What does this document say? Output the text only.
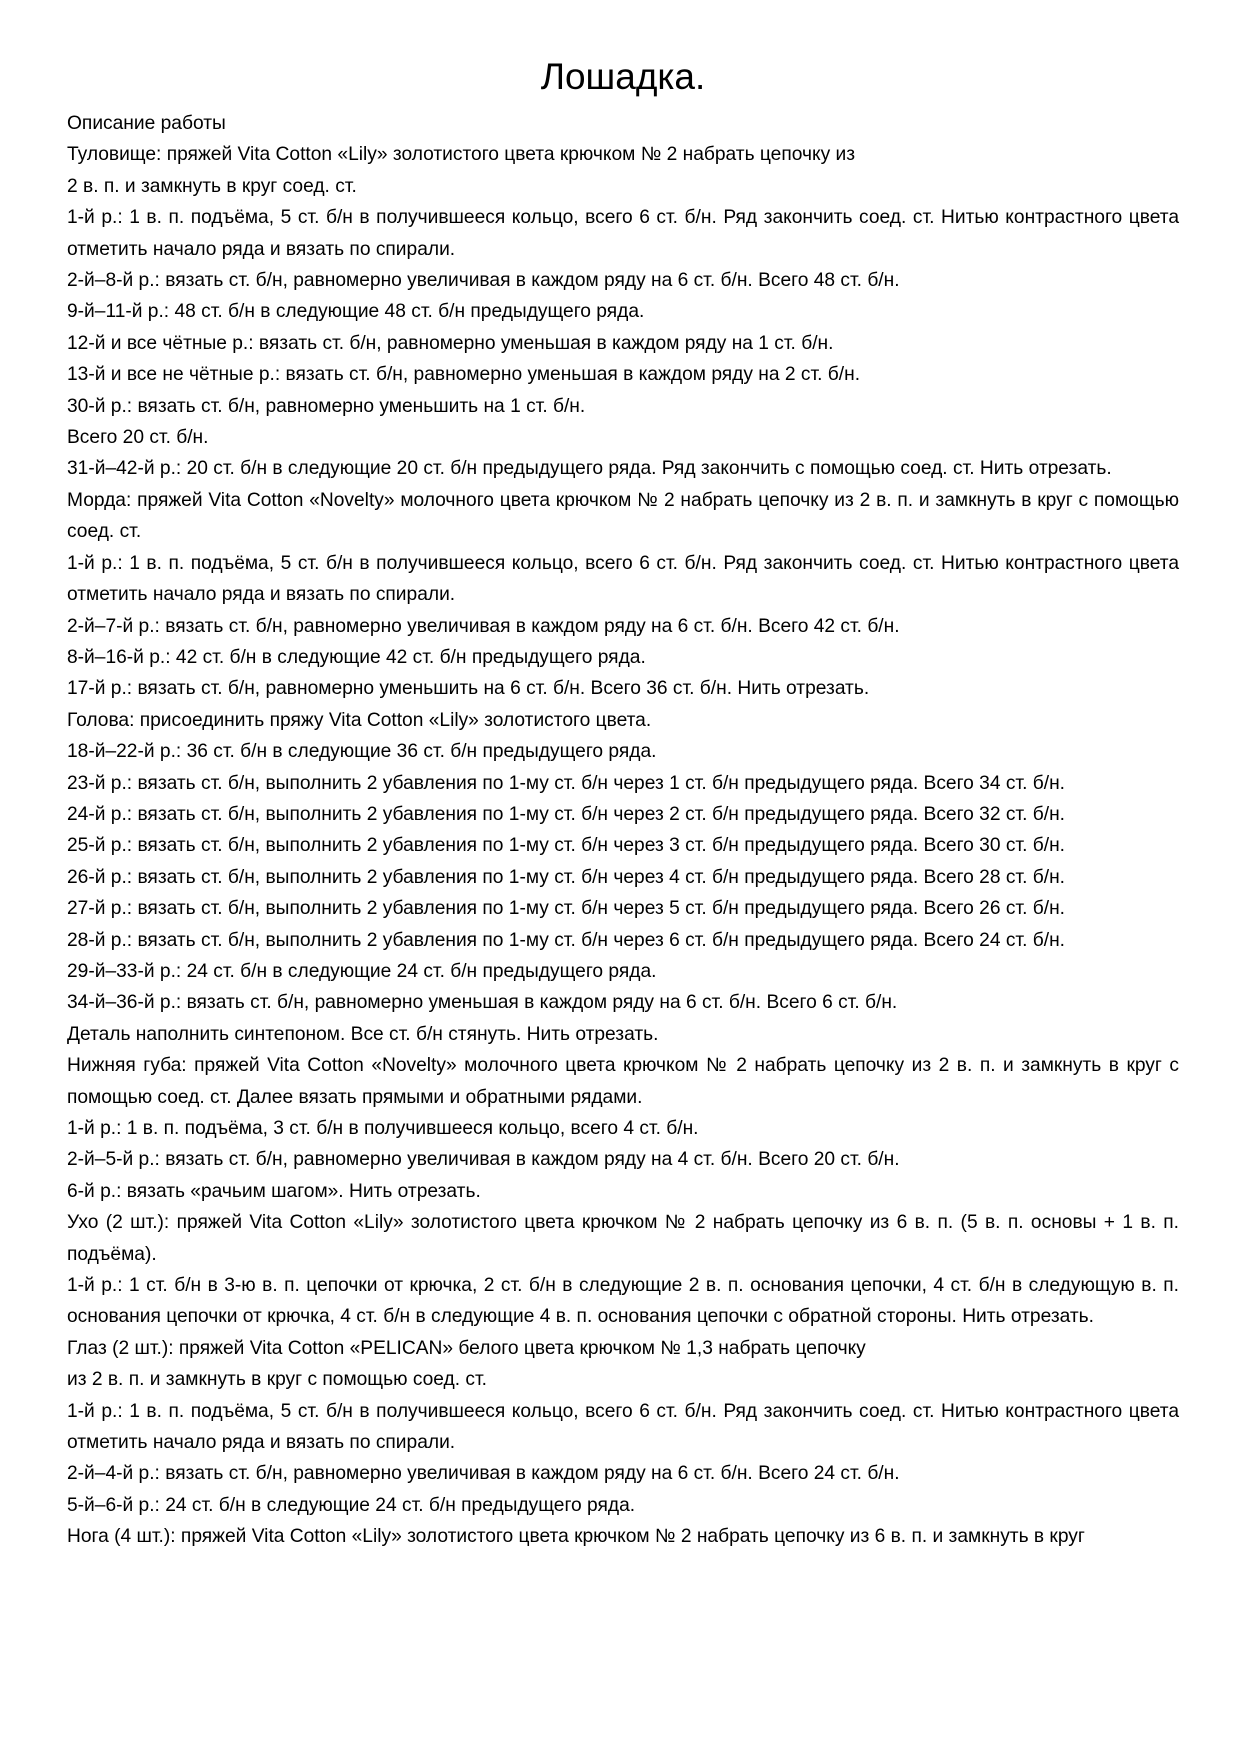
Лошадка.

Описание работы

Туловище: пряжей Vita Cotton «Lily» золотистого цвета крючком № 2 набрать цепочку из

2 в. п. и замкнуть в круг соед. ст.

1-й р.: 1 в. п. подъёма, 5 ст. б/н в получившееся кольцо, всего 6 ст. б/н. Ряд закончить соед. ст. Нитью контрастного цвета отметить начало ряда и вязать по спирали.

2-й–8-й р.: вязать ст. б/н, равномерно увеличивая в каждом ряду на 6 ст. б/н. Всего 48 ст. б/н.

9-й–11-й р.: 48 ст. б/н в следующие 48 ст. б/н предыдущего ряда.

12-й и все чётные р.: вязать ст. б/н, равномерно уменьшая в каждом ряду на 1 ст. б/н.

13-й и все не чётные р.: вязать ст. б/н, равномерно уменьшая в каждом ряду на 2 ст. б/н.

30-й р.: вязать ст. б/н, равномерно уменьшить на 1 ст. б/н.

Всего 20 ст. б/н.

31-й–42-й р.: 20 ст. б/н в следующие 20 ст. б/н предыдущего ряда. Ряд закончить с помощью соед. ст. Нить отрезать.

Морда: пряжей Vita Cotton «Novelty» молочного цвета крючком № 2 набрать цепочку из 2 в. п. и замкнуть в круг с помощью соед. ст.

1-й р.: 1 в. п. подъёма, 5 ст. б/н в получившееся кольцо, всего 6 ст. б/н. Ряд закончить соед. ст. Нитью контрастного цвета отметить начало ряда и вязать по спирали.

2-й–7-й р.: вязать ст. б/н, равномерно увеличивая в каждом ряду на 6 ст. б/н. Всего 42 ст. б/н.

8-й–16-й р.: 42 ст. б/н в следующие 42 ст. б/н предыдущего ряда.

17-й р.: вязать ст. б/н, равномерно уменьшить на 6 ст. б/н. Всего 36 ст. б/н. Нить отрезать.

Голова: присоединить пряжу Vita Cotton «Lily» золотистого цвета.

18-й–22-й р.: 36 ст. б/н в следующие 36 ст. б/н предыдущего ряда.

23-й р.: вязать ст. б/н, выполнить 2 убавления по 1-му ст. б/н через 1 ст. б/н предыдущего ряда. Всего 34 ст. б/н.

24-й р.: вязать ст. б/н, выполнить 2 убавления по 1-му ст. б/н через 2 ст. б/н предыдущего ряда. Всего 32 ст. б/н.

25-й р.: вязать ст. б/н, выполнить 2 убавления по 1-му ст. б/н через 3 ст. б/н предыдущего ряда. Всего 30 ст. б/н.

26-й р.: вязать ст. б/н, выполнить 2 убавления по 1-му ст. б/н через 4 ст. б/н предыдущего ряда. Всего 28 ст. б/н.

27-й р.: вязать ст. б/н, выполнить 2 убавления по 1-му ст. б/н через 5 ст. б/н предыдущего ряда. Всего 26 ст. б/н.

28-й р.: вязать ст. б/н, выполнить 2 убавления по 1-му ст. б/н через 6 ст. б/н предыдущего ряда. Всего 24 ст. б/н.

29-й–33-й р.: 24 ст. б/н в следующие 24 ст. б/н предыдущего ряда.

34-й–36-й р.: вязать ст. б/н, равномерно уменьшая в каждом ряду на 6 ст. б/н. Всего 6 ст. б/н.

Деталь наполнить синтепоном. Все ст. б/н стянуть. Нить отрезать.

Нижняя губа: пряжей Vita Cotton «Novelty» молочного цвета крючком № 2 набрать цепочку из 2 в. п. и замкнуть в круг с помощью соед. ст. Далее вязать прямыми и обратными рядами.

1-й р.: 1 в. п. подъёма, 3 ст. б/н в получившееся кольцо, всего 4 ст. б/н.

2-й–5-й р.: вязать ст. б/н, равномерно увеличивая в каждом ряду на 4 ст. б/н. Всего 20 ст. б/н.

6-й р.: вязать «рачьим шагом». Нить отрезать.

Ухо (2 шт.): пряжей Vita Cotton «Lily» золотистого цвета крючком № 2 набрать цепочку из 6 в. п. (5 в. п. основы + 1 в. п. подъёма).

1-й р.: 1 ст. б/н в 3-ю в. п. цепочки от крючка, 2 ст. б/н в следующие 2 в. п. основания цепочки, 4 ст. б/н в следующую в. п. основания цепочки от крючка, 4 ст. б/н в следующие 4 в. п. основания цепочки с обратной стороны. Нить отрезать.

Глаз (2 шт.): пряжей Vita Cotton «PELICAN» белого цвета крючком № 1,3 набрать цепочку

из 2 в. п. и замкнуть в круг с помощью соед. ст.

1-й р.: 1 в. п. подъёма, 5 ст. б/н в получившееся кольцо, всего 6 ст. б/н. Ряд закончить соед. ст. Нитью контрастного цвета отметить начало ряда и вязать по спирали.

2-й–4-й р.: вязать ст. б/н, равномерно увеличивая в каждом ряду на 6 ст. б/н. Всего 24 ст. б/н.

5-й–6-й р.: 24 ст. б/н в следующие 24 ст. б/н предыдущего ряда.

Нога (4 шт.): пряжей Vita Cotton «Lily» золотистого цвета крючком № 2 набрать цепочку из 6 в. п. и замкнуть в круг
